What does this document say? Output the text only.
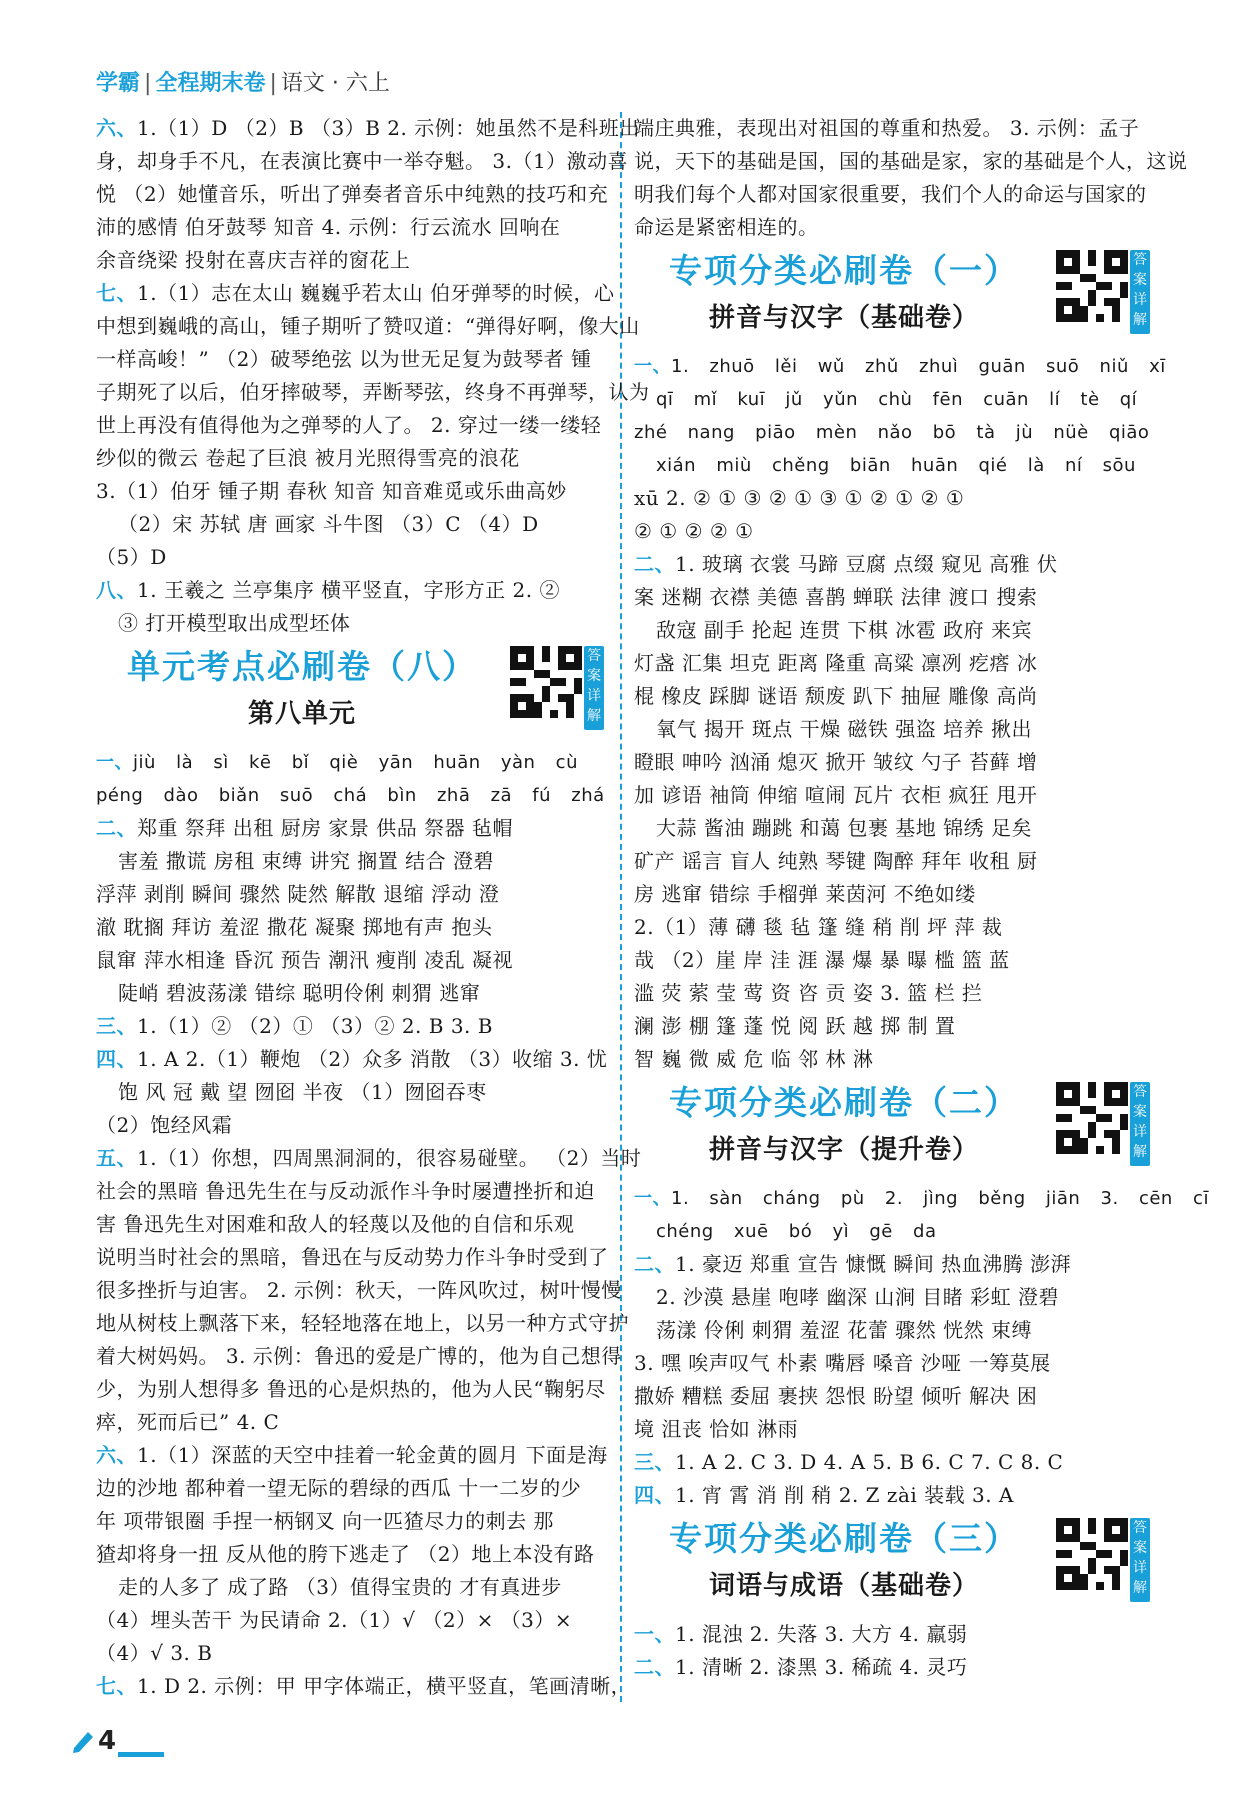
学霸 | 全程期末卷 | 语文 · 六上
六、1.（1）D （2）B （3）B 2. 示例：她虽然不是科班出
身，却身手不凡，在表演比赛中一举夺魁。 3.（1）激动喜
悦 （2）她懂音乐，听出了弹奏者音乐中纯熟的技巧和充
沛的感情 伯牙鼓琴 知音 4. 示例：行云流水 回响在
余音绕梁 投射在喜庆吉祥的窗花上
七、1.（1）志在太山 巍巍乎若太山 伯牙弹琴的时候，心
中想到巍峨的高山，锺子期听了赞叹道：“弹得好啊，像大山
一样高峻！” （2）破琴绝弦 以为世无足复为鼓琴者 锺
子期死了以后，伯牙摔破琴，弄断琴弦，终身不再弹琴，认为
世上再没有值得他为之弹琴的人了。 2. 穿过一缕一缕轻
纱似的微云 卷起了巨浪 被月光照得雪亮的浪花
3.（1）伯牙 锺子期 春秋 知音 知音难觅或乐曲高妙
（2）宋 苏轼 唐 画家 斗牛图 （3）C （4）D
（5）D
八、1. 王羲之 兰亭集序 横平竖直，字形方正 2. ②
③ 打开模型取出成型坯体
单元考点必刷卷（八）
第八单元
答
案
详
解
一、jiù là sì kē bǐ qiè yān huān yàn cù
péng dào biǎn suō chá bìn zhā zā fú zhá
二、郑重 祭拜 出租 厨房 家景 供品 祭器 毡帽
害羞 撒谎 房租 束缚 讲究 搁置 结合 澄碧
浮萍 剥削 瞬间 骤然 陡然 解散 退缩 浮动 澄
澈 耽搁 拜访 羞涩 撒花 凝聚 掷地有声 抱头
鼠窜 萍水相逢 昏沉 预告 潮汛 瘦削 凌乱 凝视
陡峭 碧波荡漾 错综 聪明伶俐 刺猬 逃窜
三、1.（1）② （2）① （3）② 2. B 3. B
四、1. A 2.（1）鞭炮 （2）众多 消散 （3）收缩 3. 忧
饱 风 冠 戴 望 囫囵 半夜 （1）囫囵吞枣
（2）饱经风霜
五、1.（1）你想，四周黑洞洞的，很容易碰壁。 （2）当时
社会的黑暗 鲁迅先生在与反动派作斗争时屡遭挫折和迫
害 鲁迅先生对困难和敌人的轻蔑以及他的自信和乐观
说明当时社会的黑暗，鲁迅在与反动势力作斗争时受到了
很多挫折与迫害。 2. 示例：秋天，一阵风吹过，树叶慢慢
地从树枝上飘落下来，轻轻地落在地上，以另一种方式守护
着大树妈妈。 3. 示例：鲁迅的爱是广博的，他为自己想得
少，为别人想得多 鲁迅的心是炽热的，他为人民“鞠躬尽
瘁，死而后已” 4. C
六、1.（1）深蓝的天空中挂着一轮金黄的圆月 下面是海
边的沙地 都种着一望无际的碧绿的西瓜 十一二岁的少
年 项带银圈 手捏一柄钢叉 向一匹猹尽力的刺去 那
猹却将身一扭 反从他的胯下逃走了 （2）地上本没有路
走的人多了 成了路 （3）值得宝贵的 才有真进步
（4）埋头苦干 为民请命 2.（1）√ （2）× （3）×
（4）√ 3. B
七、1. D 2. 示例：甲 甲字体端正，横平竖直，笔画清晰，
端庄典雅，表现出对祖国的尊重和热爱。 3. 示例：孟子
说，天下的基础是国，国的基础是家，家的基础是个人，这说
明我们每个人都对国家很重要，我们个人的命运与国家的
命运是紧密相连的。
专项分类必刷卷（一）
拼音与汉字（基础卷）
答
案
详
解
一、1. zhuō lěi wǔ zhǔ zhuì guān suō niǔ xī
qī mǐ kuī jǔ yǔn chù fēn cuān lí tè qí
zhé nang piāo mèn nǎo bō tà jù nüè qiāo
xián miù chěng biān huān qié là ní sōu
xū 2. ② ① ③ ② ① ③ ① ② ① ② ①
② ① ② ② ①
二、1. 玻璃 衣裳 马蹄 豆腐 点缀 窥见 高雅 伏
案 迷糊 衣襟 美德 喜鹊 蝉联 法律 渡口 搜索
敌寇 副手 抡起 连贯 下棋 冰雹 政府 来宾
灯盏 汇集 坦克 距离 隆重 高粱 凛冽 疙瘩 冰
棍 橡皮 踩脚 谜语 颓废 趴下 抽屉 雕像 高尚
氧气 揭开 斑点 干燥 磁铁 强盗 培养 揪出
瞪眼 呻吟 汹涌 熄灭 掀开 皱纹 勺子 苔藓 增
加 谚语 袖筒 伸缩 喧闹 瓦片 衣柜 疯狂 甩开
大蒜 酱油 蹦跳 和蔼 包裹 基地 锦绣 足矣
矿产 谣言 盲人 纯熟 琴键 陶醉 拜年 收租 厨
房 逃窜 错综 手榴弹 莱茵河 不绝如缕
2.（1）薄 礴 毯 毡 篷 缝 稍 削 坪 萍 裁
哉 （2）崖 岸 洼 涯 瀑 爆 暴 曝 槛 篮 蓝
滥 荧 萦 莹 莺 资 咨 贡 姿 3. 篮 栏 拦
澜 澎 棚 篷 蓬 悦 阅 跃 越 掷 制 置
智 巍 微 威 危 临 邻 林 淋
专项分类必刷卷（二）
拼音与汉字（提升卷）
答
案
详
解
一、1. sàn cháng pù 2. jìng běng jiān 3. cēn cī
chéng xuē bó yì gē da
二、1. 豪迈 郑重 宣告 慷慨 瞬间 热血沸腾 澎湃
2. 沙漠 悬崖 咆哮 幽深 山涧 目睹 彩虹 澄碧
荡漾 伶俐 刺猬 羞涩 花蕾 骤然 恍然 束缚
3. 嘿 唉声叹气 朴素 嘴唇 嗓音 沙哑 一筹莫展
撒娇 糟糕 委屈 裹挟 怨恨 盼望 倾听 解决 困
境 沮丧 恰如 淋雨
三、1. A 2. C 3. D 4. A 5. B 6. C 7. C 8. C
四、1. 宵 霄 消 削 稍 2. Z zài 装载 3. A
专项分类必刷卷（三）
词语与成语（基础卷）
答
案
详
解
一、1. 混浊 2. 失落 3. 大方 4. 羸弱
二、1. 清晰 2. 漆黑 3. 稀疏 4. 灵巧
4
